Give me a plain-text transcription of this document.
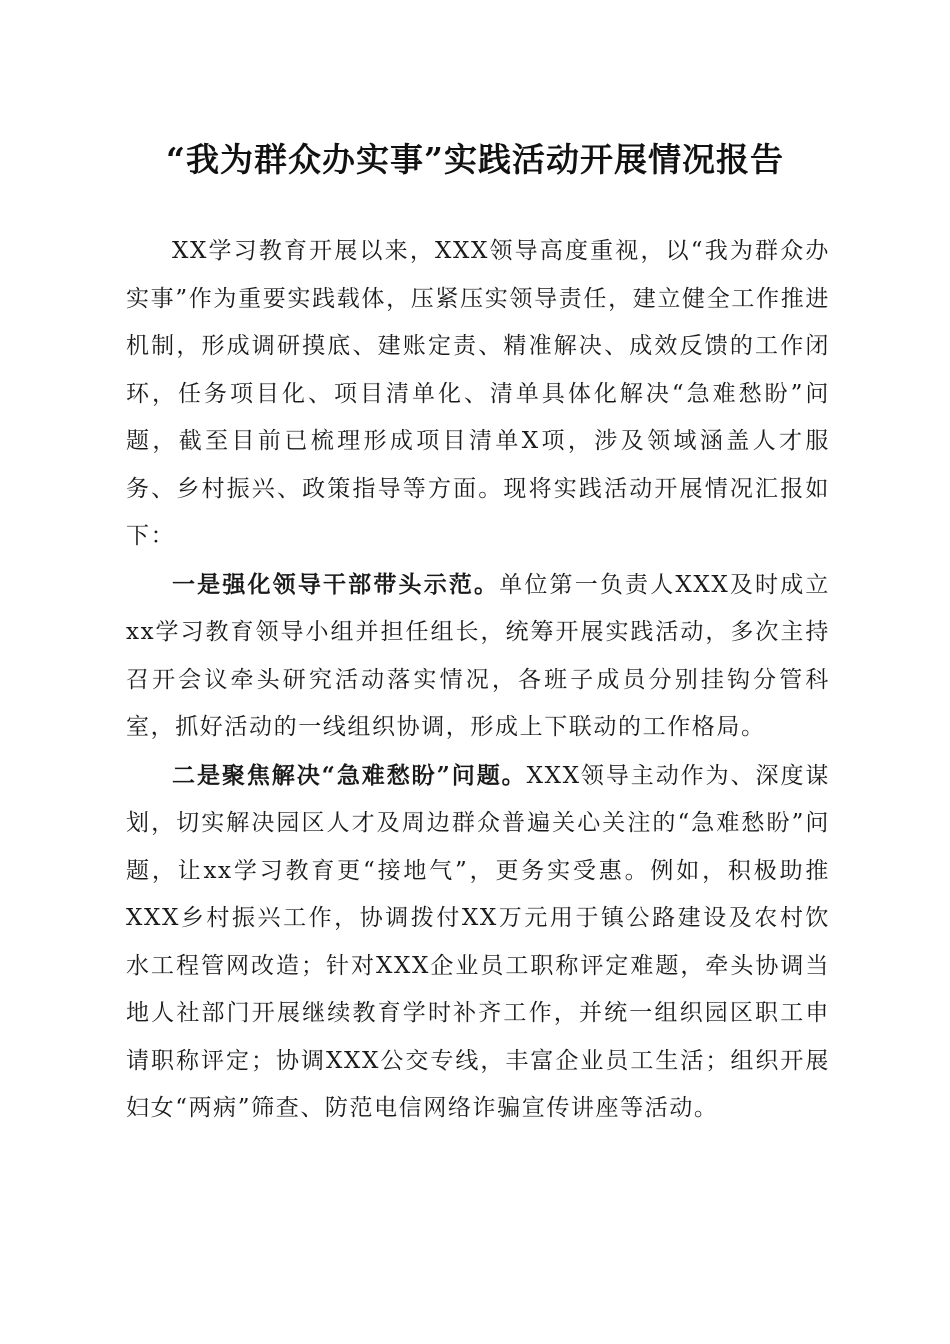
“我为群众办实事”实践活动开展情况报告

XX学习教育开展以来，XXX领导高度重视，以“我为群众办实事”作为重要实践载体，压紧压实领导责任，建立健全工作推进机制，形成调研摸底、建账定责、精准解决、成效反馈的工作闭环，任务项目化、项目清单化、清单具体化解决“急难愁盼”问题，截至目前已梳理形成项目清单X项，涉及领域涵盖人才服务、乡村振兴、政策指导等方面。现将实践活动开展情况汇报如下：

一是强化领导干部带头示范。单位第一负责人XXX及时成立xx学习教育领导小组并担任组长，统筹开展实践活动，多次主持召开会议牵头研究活动落实情况，各班子成员分别挂钩分管科室，抓好活动的一线组织协调，形成上下联动的工作格局。

二是聚焦解决“急难愁盼”问题。XXX领导主动作为、深度谋划，切实解决园区人才及周边群众普遍关心关注的“急难愁盼”问题，让xx学习教育更“接地气”，更务实受惠。例如，积极助推XXX乡村振兴工作，协调拨付XX万元用于镇公路建设及农村饮水工程管网改造；针对XXX企业员工职称评定难题，牵头协调当地人社部门开展继续教育学时补齐工作，并统一组织园区职工申请职称评定；协调XXX公交专线，丰富企业员工生活；组织开展妇女“两病”筛查、防范电信网络诈骗宣传讲座等活动。
